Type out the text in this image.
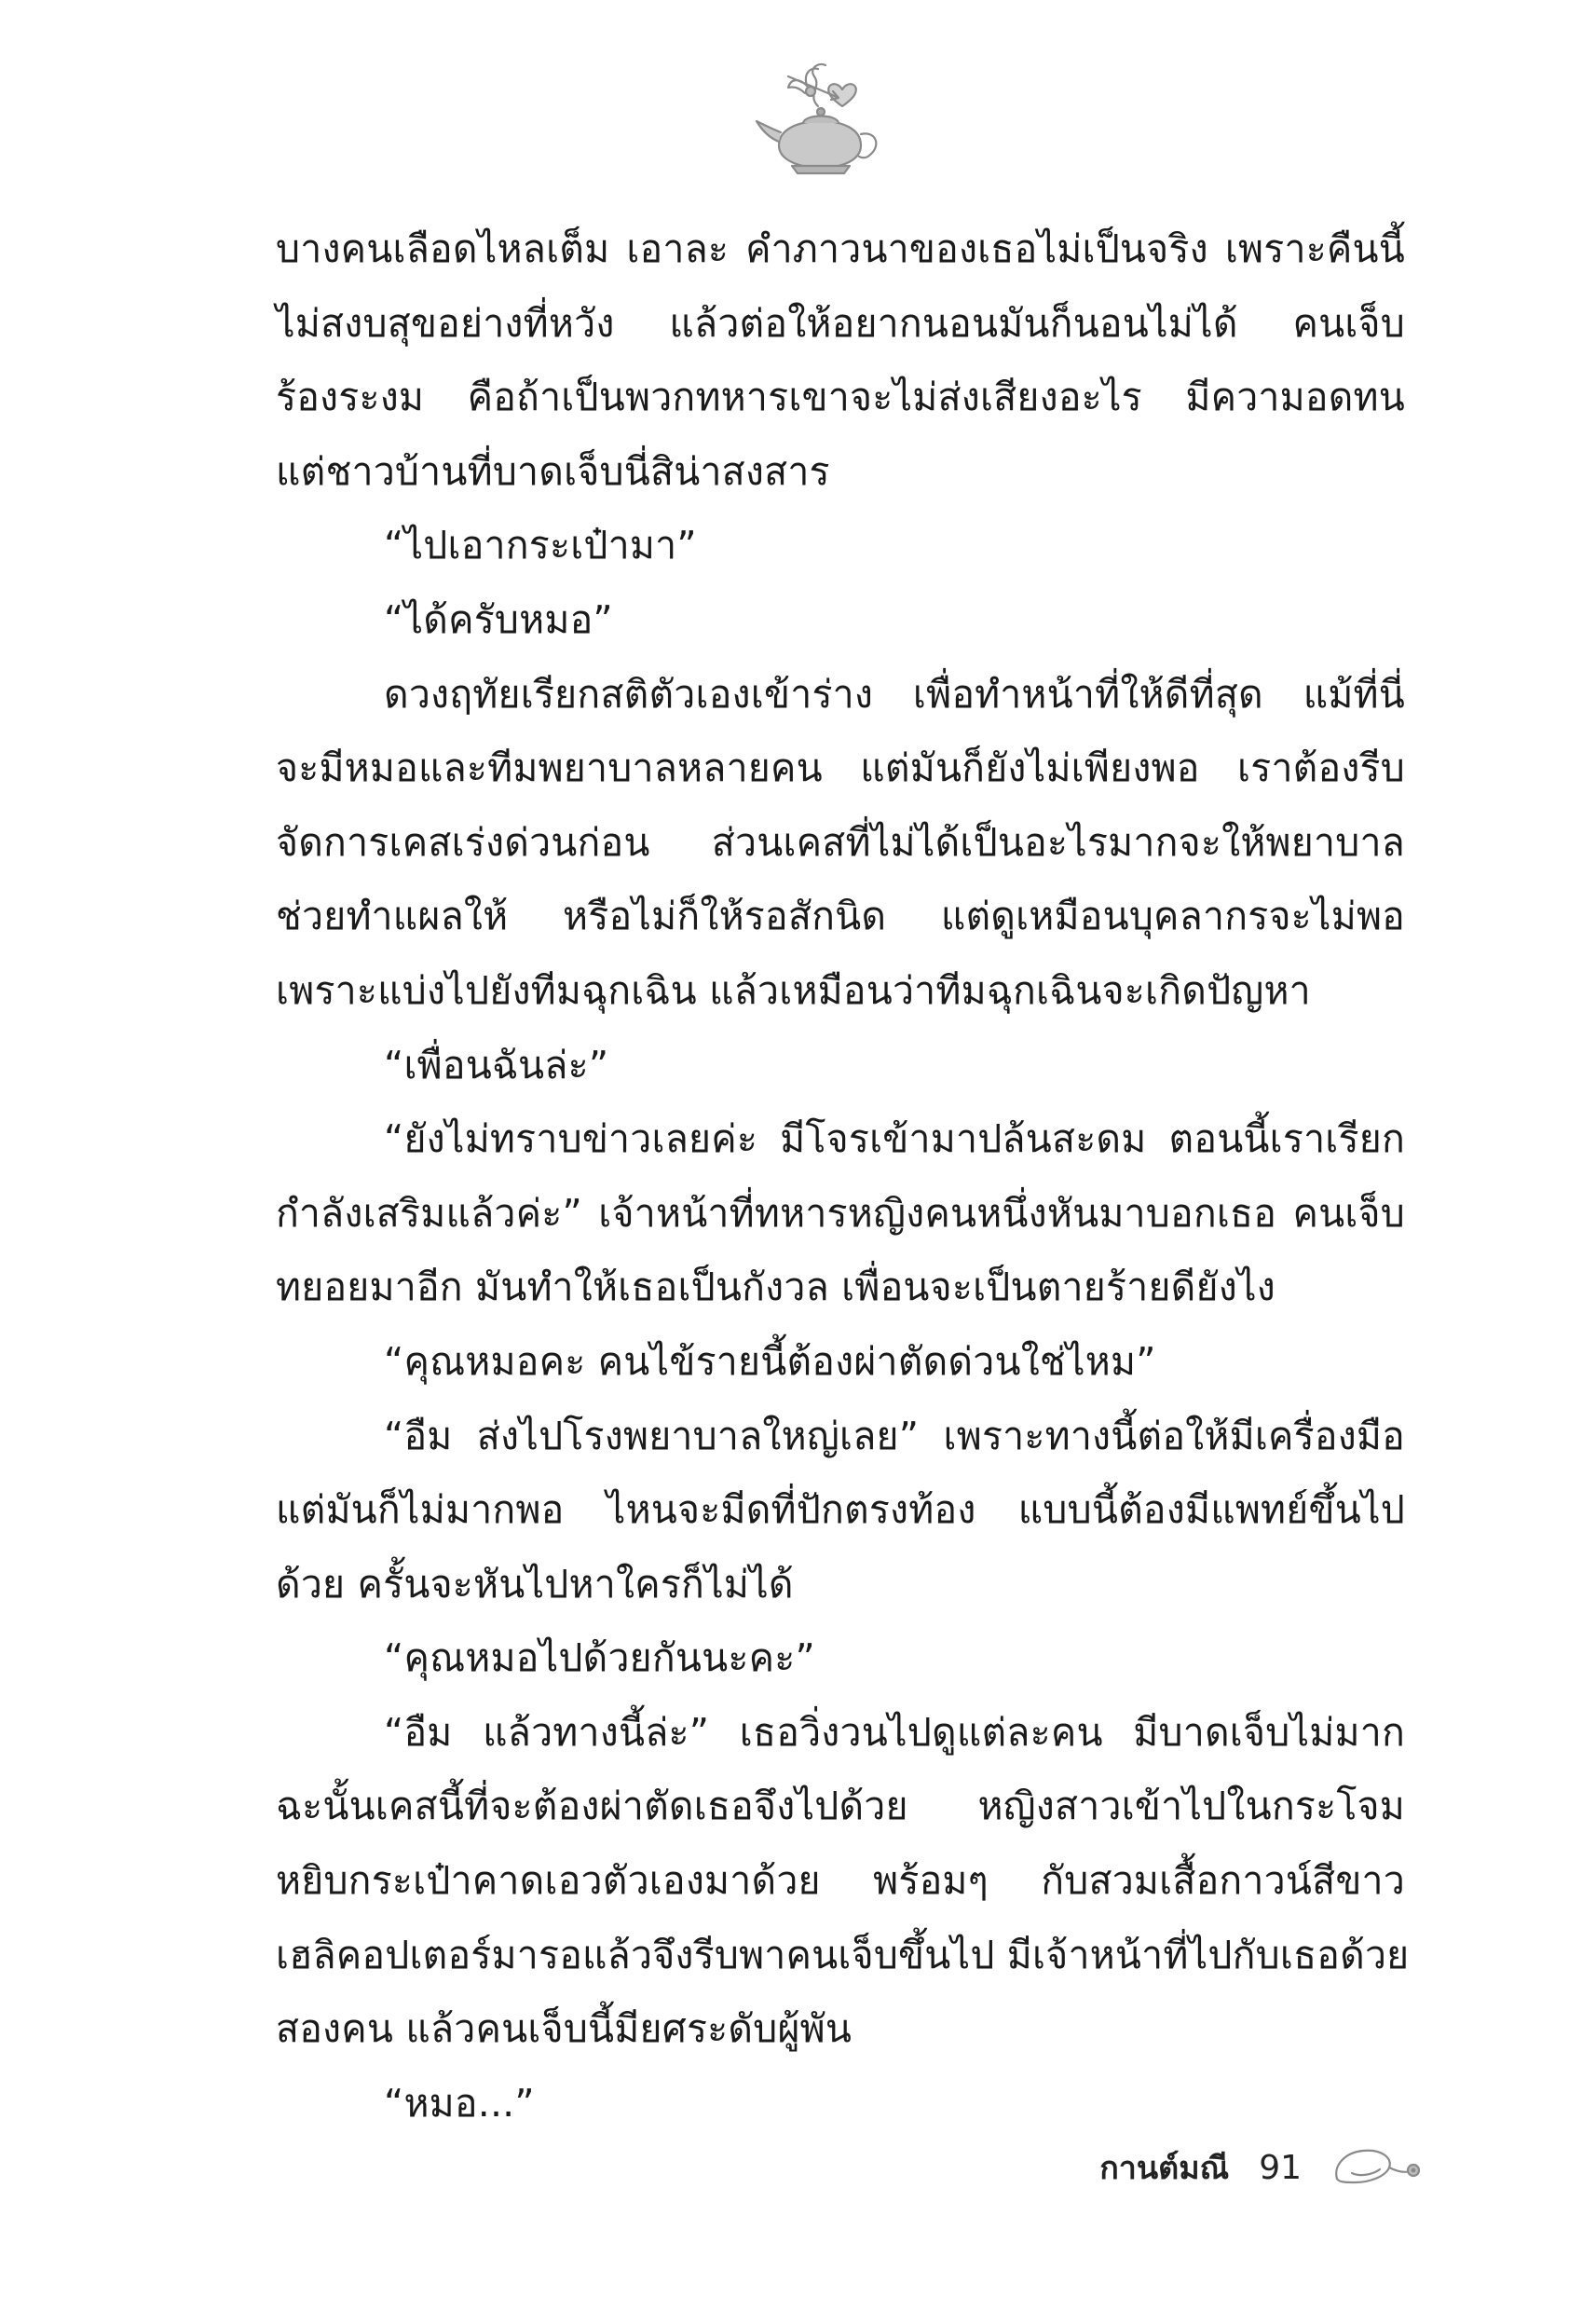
บางคนเลือดไหลเต็ม เอาละ คำภาวนาของเธอไม่เป็นจริง เพราะคืนนี้
ไม่สงบสุขอย่างที่หวัง แล้วต่อให้อยากนอนมันก็นอนไม่ได้ คนเจ็บ
ร้องระงม คือถ้าเป็นพวกทหารเขาจะไม่ส่งเสียงอะไร มีความอดทน
แต่ชาวบ้านที่บาดเจ็บนี่สิน่าสงสาร
“ไปเอากระเป๋ามา”
“ได้ครับหมอ”
ดวงฤทัยเรียกสติตัวเองเข้าร่าง เพื่อทำหน้าที่ให้ดีที่สุด แม้ที่นี่
จะมีหมอและทีมพยาบาลหลายคน แต่มันก็ยังไม่เพียงพอ เราต้องรีบ
จัดการเคสเร่งด่วนก่อน ส่วนเคสที่ไม่ได้เป็นอะไรมากจะให้พยาบาล
ช่วยทำแผลให้ หรือไม่ก็ให้รอสักนิด แต่ดูเหมือนบุคลากรจะไม่พอ
เพราะแบ่งไปยังทีมฉุกเฉิน แล้วเหมือนว่าทีมฉุกเฉินจะเกิดปัญหา
“เพื่อนฉันล่ะ”
“ยังไม่ทราบข่าวเลยค่ะ มีโจรเข้ามาปล้นสะดม ตอนนี้เราเรียก
กำลังเสริมแล้วค่ะ” เจ้าหน้าที่ทหารหญิงคนหนึ่งหันมาบอกเธอ คนเจ็บ
ทยอยมาอีก มันทำให้เธอเป็นกังวล เพื่อนจะเป็นตายร้ายดียังไง
“คุณหมอคะ คนไข้รายนี้ต้องผ่าตัดด่วนใช่ไหม”
“อืม ส่งไปโรงพยาบาลใหญ่เลย” เพราะทางนี้ต่อให้มีเครื่องมือ
แต่มันก็ไม่มากพอ ไหนจะมีดที่ปักตรงท้อง แบบนี้ต้องมีแพทย์ขึ้นไป
ด้วย ครั้นจะหันไปหาใครก็ไม่ได้
“คุณหมอไปด้วยกันนะคะ”
“อืม แล้วทางนี้ล่ะ” เธอวิ่งวนไปดูแต่ละคน มีบาดเจ็บไม่มาก
ฉะนั้นเคสนี้ที่จะต้องผ่าตัดเธอจึงไปด้วย หญิงสาวเข้าไปในกระโจม
หยิบกระเป๋าคาดเอวตัวเองมาด้วย พร้อมๆ กับสวมเสื้อกาวน์สีขาว
เฮลิคอปเตอร์มารอแล้วจึงรีบพาคนเจ็บขึ้นไป มีเจ้าหน้าที่ไปกับเธอด้วย
สองคน แล้วคนเจ็บนี้มียศระดับผู้พัน
“หมอ...”
กานต์มณี 91
